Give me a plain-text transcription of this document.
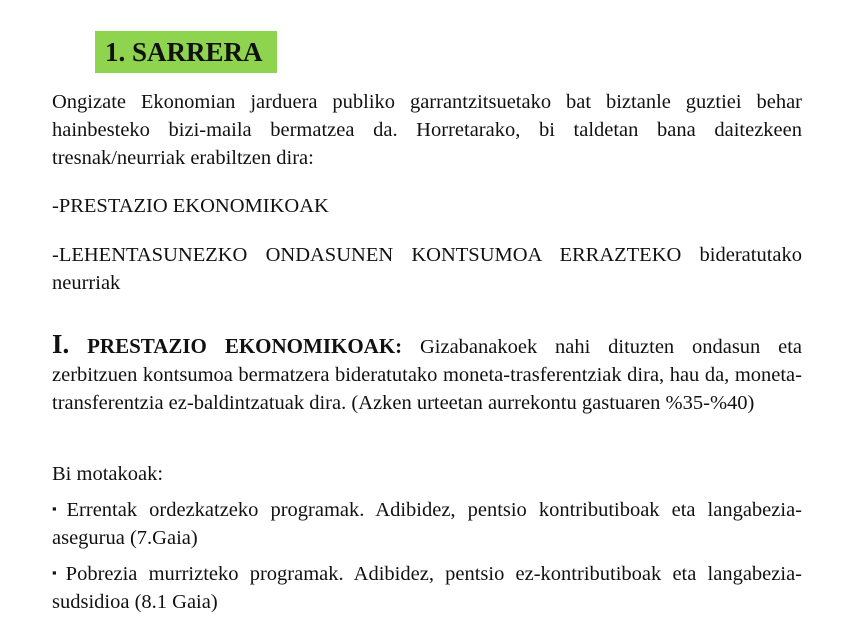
1. SARRERA

Ongizate Ekonomian jarduera publiko garrantzitsuetako bat biztanle guztiei behar hainbesteko bizi-maila bermatzea da. Horretarako, bi taldetan bana daitezkeen tresnak/neurriak erabiltzen dira:

-PRESTAZIO EKONOMIKOAK

-LEHENTASUNEZKO ONDASUNEN KONTSUMOA ERRAZTEKO bideratutako neurriak

I. PRESTAZIO EKONOMIKOAK: Gizabanakoek nahi dituzten ondasun eta zerbitzuen kontsumoa bermatzera bideratutako moneta-trasferentziak dira, hau da, moneta-transferentzia ez-baldintzatuak dira. (Azken urteetan aurrekontu gastuaren %35-%40)

Bi motakoak:

▪ Errentak ordezkatzeko programak. Adibidez, pentsio kontributiboak eta langabezia-asegurua (7.Gaia)

▪ Pobrezia murrizteko programak. Adibidez, pentsio ez-kontributiboak eta langabezia-sudsidioa (8.1 Gaia)
